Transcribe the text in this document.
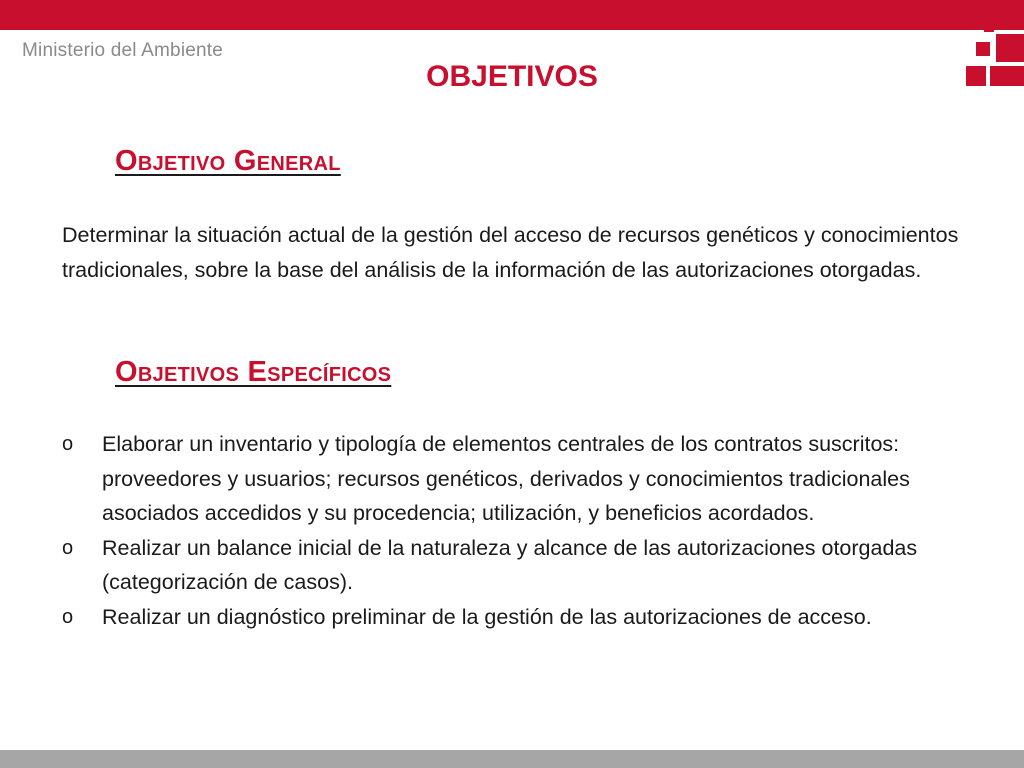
Ministerio del Ambiente
OBJETIVOS
Objetivo General

Determinar la situación actual de la gestión del acceso de recursos genéticos y conocimientos tradicionales, sobre la base del análisis de la información de las autorizaciones otorgadas.

Objetivos Específicos
o Elaborar un inventario y tipología de elementos centrales de los contratos suscritos: proveedores y usuarios; recursos genéticos, derivados y conocimientos tradicionales asociados accedidos y su procedencia; utilización, y beneficios acordados.
o Realizar un balance inicial de la naturaleza y alcance de las autorizaciones otorgadas (categorización de casos).
o Realizar un diagnóstico preliminar de la gestión de las autorizaciones de acceso.
